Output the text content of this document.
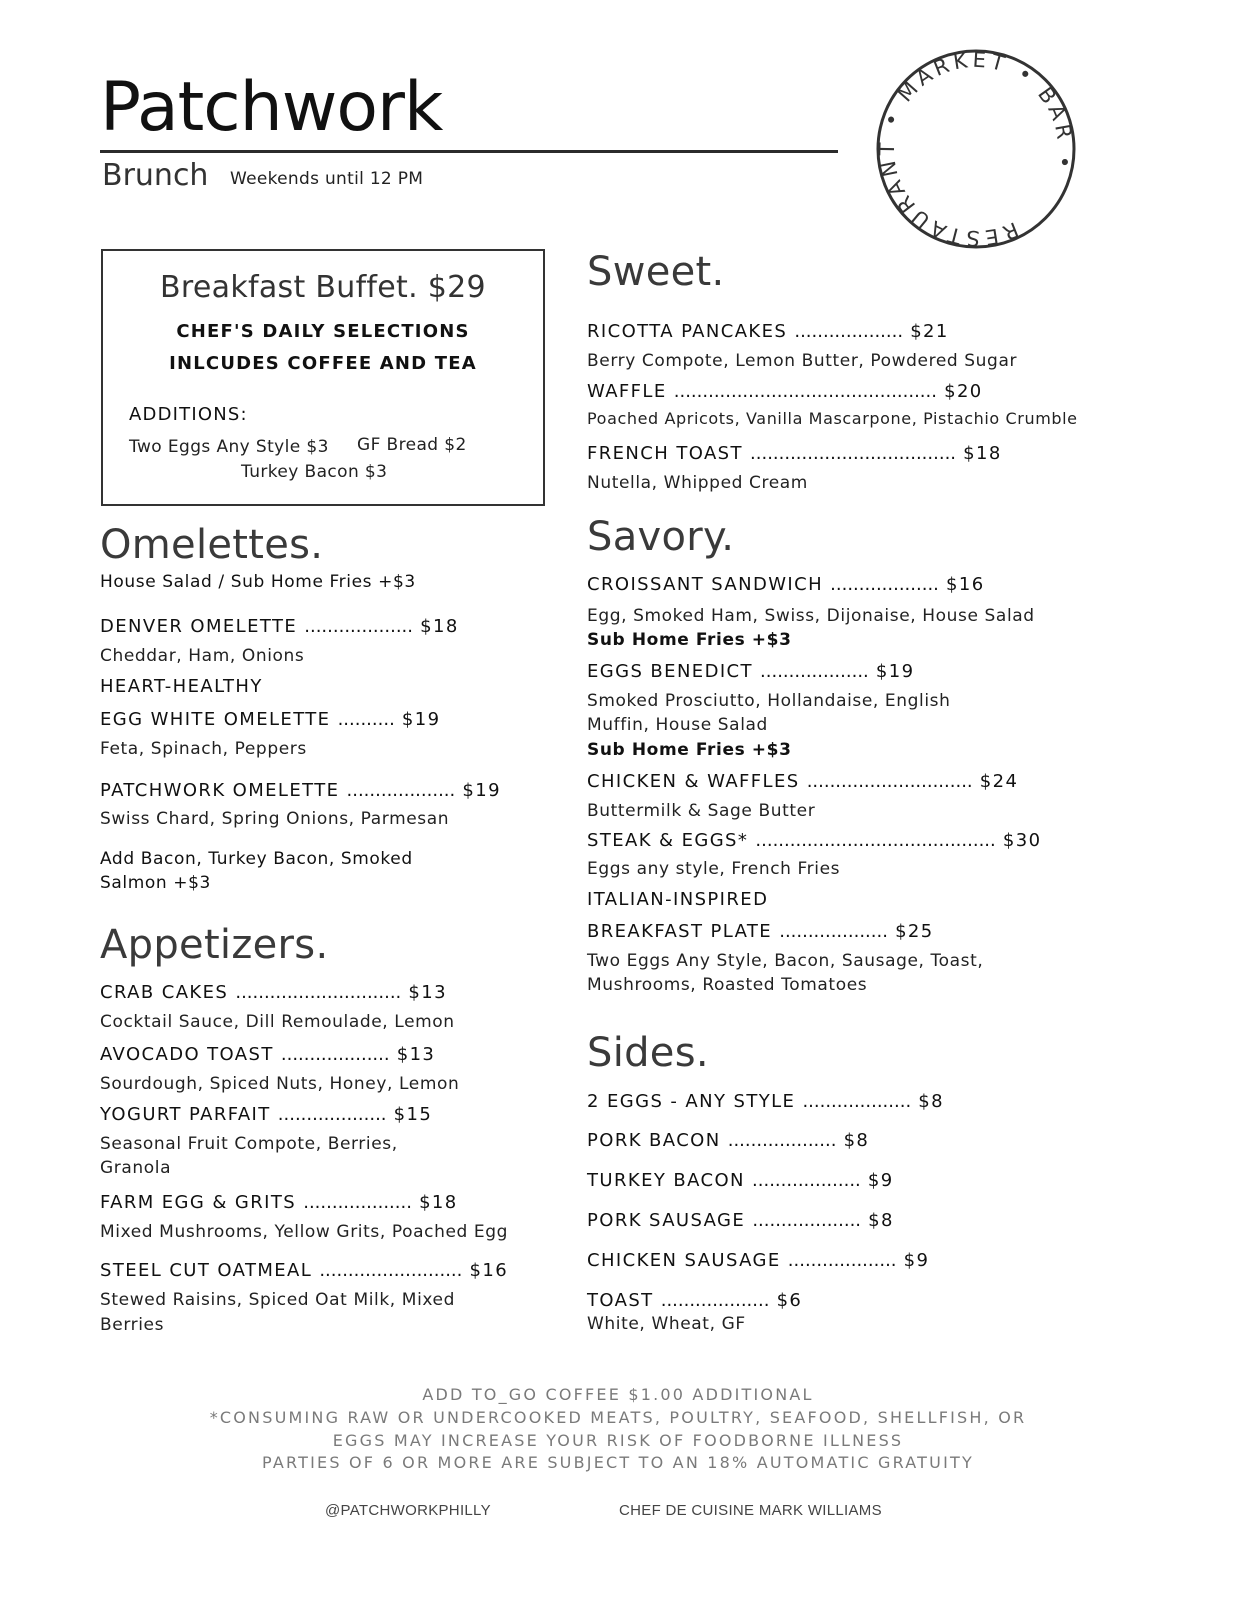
Patchwork
Brunch Weekends until 12 PM
RESTAURANT • MARKET • BAR •
Breakfast Buffet. $29
CHEF'S DAILY SELECTIONS
INLCUDES COFFEE AND TEA
ADDITIONS:
Two Eggs Any Style $3 GF Bread $2
Turkey Bacon $3
Omelettes.
House Salad / Sub Home Fries +$3
DENVER OMELETTE ................... $18
Cheddar, Ham, Onions
HEART-HEALTHY
EGG WHITE OMELETTE .......... $19
Feta, Spinach, Peppers
PATCHWORK OMELETTE ................... $19
Swiss Chard, Spring Onions, Parmesan
Add Bacon, Turkey Bacon, Smoked
Salmon +$3
Appetizers.
CRAB CAKES ............................. $13
Cocktail Sauce, Dill Remoulade, Lemon
AVOCADO TOAST ................... $13
Sourdough, Spiced Nuts, Honey, Lemon
YOGURT PARFAIT ................... $15
Seasonal Fruit Compote, Berries,
Granola
FARM EGG & GRITS ................... $18
Mixed Mushrooms, Yellow Grits, Poached Egg
STEEL CUT OATMEAL ......................... $16
Stewed Raisins, Spiced Oat Milk, Mixed
Berries
Sweet.
RICOTTA PANCAKES ................... $21
Berry Compote, Lemon Butter, Powdered Sugar
WAFFLE .............................................. $20
Poached Apricots, Vanilla Mascarpone, Pistachio Crumble
FRENCH TOAST .................................... $18
Nutella, Whipped Cream
Savory.
CROISSANT SANDWICH ................... $16
Egg, Smoked Ham, Swiss, Dijonaise, House Salad
Sub Home Fries +$3
EGGS BENEDICT ................... $19
Smoked Prosciutto, Hollandaise, English
Muffin, House Salad
Sub Home Fries +$3
CHICKEN & WAFFLES ............................. $24
Buttermilk & Sage Butter
STEAK & EGGS* .......................................... $30
Eggs any style, French Fries
ITALIAN-INSPIRED
BREAKFAST PLATE ................... $25
Two Eggs Any Style, Bacon, Sausage, Toast,
Mushrooms, Roasted Tomatoes
Sides.
2 EGGS - ANY STYLE ................... $8
PORK BACON ................... $8
TURKEY BACON ................... $9
PORK SAUSAGE ................... $8
CHICKEN SAUSAGE ................... $9
TOAST ................... $6
White, Wheat, GF
ADD TO_GO COFFEE $1.00 ADDITIONAL
*CONSUMING RAW OR UNDERCOOKED MEATS, POULTRY, SEAFOOD, SHELLFISH, OR
EGGS MAY INCREASE YOUR RISK OF FOODBORNE ILLNESS
PARTIES OF 6 OR MORE ARE SUBJECT TO AN 18% AUTOMATIC GRATUITY
@PATCHWORKPHILLY	CHEF DE CUISINE MARK WILLIAMS
